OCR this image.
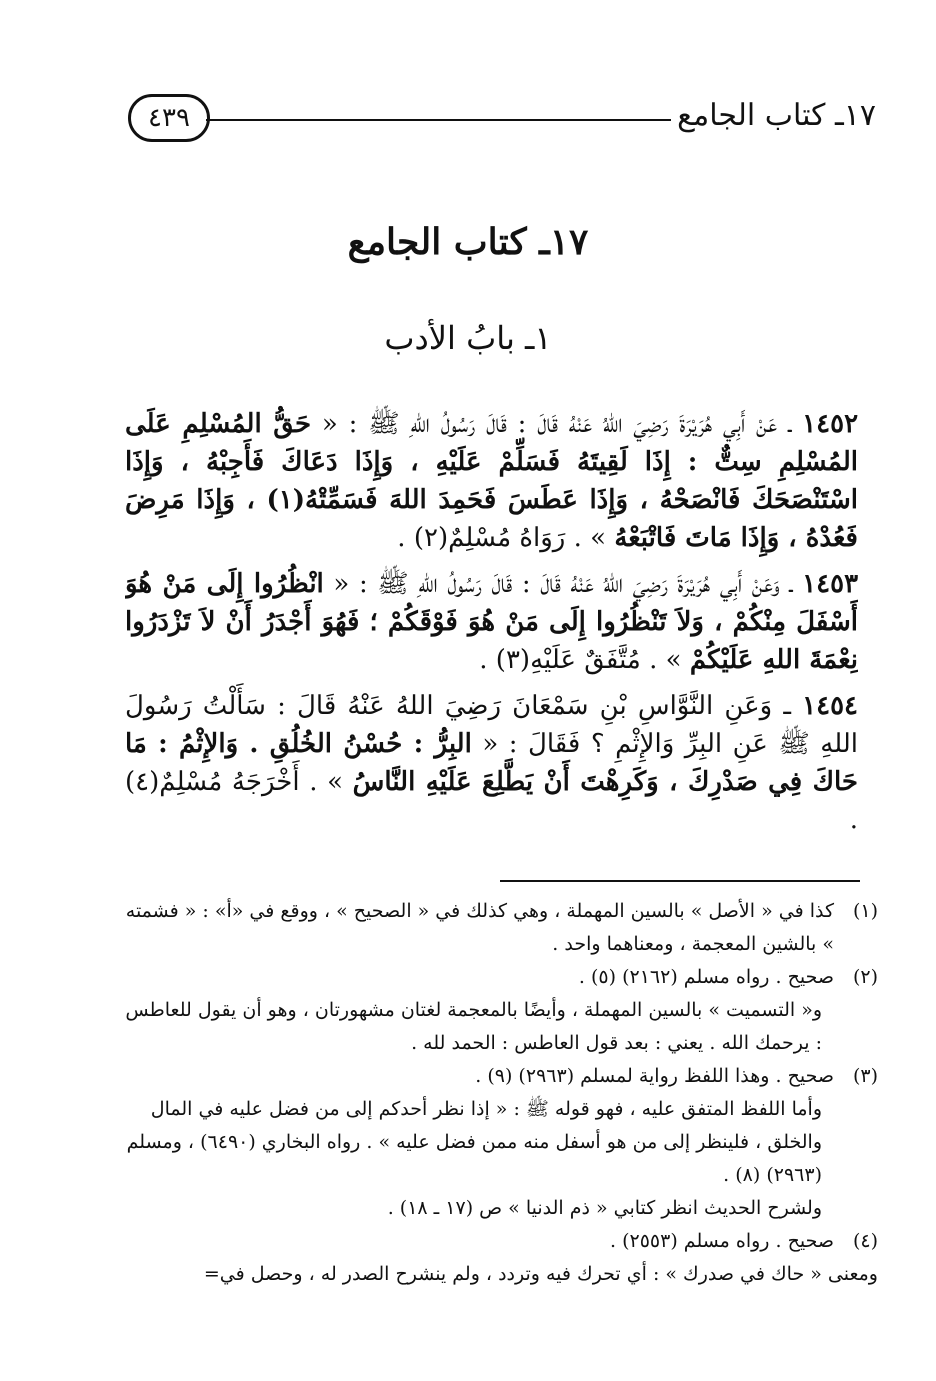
١٧ـ كتاب الجامع
٤٣٩
١٧ـ كتاب الجامع
١ـ بابُ الأدب

١٤٥٢ ـ عَنْ أَبِي هُرَيْرَةَ رَضِيَ اللهُ عَنْهُ قَالَ : قَالَ رَسُولُ اللهِ ﷺ : « حَقُّ المُسْلِمِ عَلَى المُسْلِمِ سِتٌّ : إِذَا لَقِيتَهُ فَسَلِّمْ عَلَيْهِ ، وَإِذَا دَعَاكَ فَأَجِبْهُ ، وَإِذَا اسْتَنْصَحَكَ فَانْصَحْهُ ، وَإِذَا عَطَسَ فَحَمِدَ اللهَ فَسَمِّتْهُ(١) ، وَإِذَا مَرِضَ فَعُدْهُ ، وَإِذَا مَاتَ فَاتْبَعْهُ » . رَوَاهُ مُسْلِمٌ(٢) .

١٤٥٣ ـ وَعَنْ أَبِي هُرَيْرَةَ رَضِيَ اللهُ عَنْهُ قَالَ : قَالَ رَسُولُ اللهِ ﷺ : « انْظُرُوا إِلَى مَنْ هُوَ أَسْفَلَ مِنْكُمْ ، وَلاَ تَنْظُرُوا إِلَى مَنْ هُوَ فَوْقَكُمْ ؛ فَهُوَ أَجْدَرُ أَنْ لاَ تَزْدَرُوا نِعْمَةَ اللهِ عَلَيْكُمْ » . مُتَّفَقٌ عَلَيْهِ(٣) .

١٤٥٤ ـ وَعَنِ النَّوَّاسِ بْنِ سَمْعَانَ رَضِيَ اللهُ عَنْهُ قَالَ : سَأَلْتُ رَسُولَ اللهِ ﷺ عَنِ البِرِّ وَالإِثْمِ ؟ فَقَالَ : « البِرُّ : حُسْنُ الخُلُقِ . وَالإِثْمُ : مَا حَاكَ فِي صَدْرِكَ ، وَكَرِهْتَ أَنْ يَطَّلِعَ عَلَيْهِ النَّاسُ » . أَخْرَجَهُ مُسْلِمٌ(٤) .

(١)
كذا في « الأصل » بالسين المهملة ، وهي كذلك في « الصحيح » ، ووقع في «أ» : « فشمته » بالشين المعجمة ، ومعناهما واحد .
(٢)
صحيح . رواه مسلم (٢١٦٢) (٥) .

و« التسميت » بالسين المهملة ، وأيضًا بالمعجمة لغتان مشهورتان ، وهو أن يقول للعاطس : يرحمك الله . يعني : بعد قول العاطس : الحمد لله .

(٣)
صحيح . وهذا اللفظ رواية لمسلم (٢٩٦٣) (٩) .

وأما اللفظ المتفق عليه ، فهو قوله ﷺ : « إذا نظر أحدكم إلى من فضل عليه في المال والخلق ، فلينظر إلى من هو أسفل منه ممن فضل عليه » . رواه البخاري (٦٤٩٠) ، ومسلم (٢٩٦٣) (٨) .

ولشرح الحديث انظر كتابي « ذم الدنيا » ص (١٧ ـ ١٨) .

(٤)
صحيح . رواه مسلم (٢٥٥٣) .

ومعنى « حاك في صدرك » : أي تحرك فيه وتردد ، ولم ينشرح الصدر له ، وحصل في=
